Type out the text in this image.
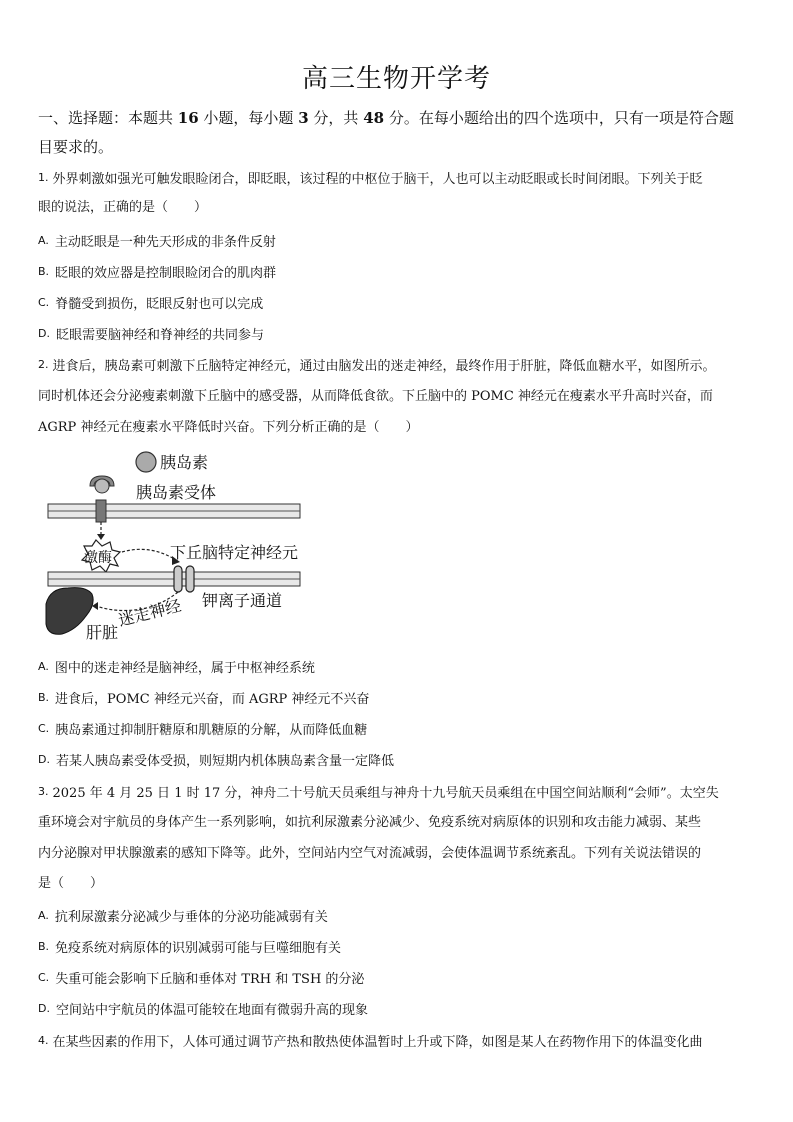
高三生物开学考
一、选择题：本题共 16 小题，每小题 3 分，共 48 分。在每小题给出的四个选项中，只有一项是符合题
目要求的。
1. 外界刺激如强光可触发眼睑闭合，即眨眼，该过程的中枢位于脑干，人也可以主动眨眼或长时间闭眼。下列关于眨
眼的说法，正确的是（　　）
A. 主动眨眼是一种先天形成的非条件反射
B. 眨眼的效应器是控制眼睑闭合的肌肉群
C. 脊髓受到损伤，眨眼反射也可以完成
D. 眨眼需要脑神经和脊神经的共同参与
2. 进食后，胰岛素可刺激下丘脑特定神经元，通过由脑发出的迷走神经，最终作用于肝脏，降低血糖水平，如图所示。
同时机体还会分泌瘦素刺激下丘脑中的感受器，从而降低食欲。下丘脑中的 POMC 神经元在瘦素水平升高时兴奋，而
AGRP 神经元在瘦素水平降低时兴奋。下列分析正确的是（　　）
胰岛素
胰岛素受体
激酶	下丘脑特定神经元
钾离子通道
迷走神经
肝脏
A. 图中的迷走神经是脑神经，属于中枢神经系统
B. 进食后，POMC 神经元兴奋，而 AGRP 神经元不兴奋
C. 胰岛素通过抑制肝糖原和肌糖原的分解，从而降低血糖
D. 若某人胰岛素受体受损，则短期内机体胰岛素含量一定降低
3. 2025 年 4 月 25 日 1 时 17 分，神舟二十号航天员乘组与神舟十九号航天员乘组在中国空间站顺利“会师”。太空失
重环境会对宇航员的身体产生一系列影响，如抗利尿激素分泌减少、免疫系统对病原体的识别和攻击能力减弱、某些
内分泌腺对甲状腺激素的感知下降等。此外，空间站内空气对流减弱，会使体温调节系统紊乱。下列有关说法错误的
是（　　）
A. 抗利尿激素分泌减少与垂体的分泌功能减弱有关
B. 免疫系统对病原体的识别减弱可能与巨噬细胞有关
C. 失重可能会影响下丘脑和垂体对 TRH 和 TSH 的分泌
D. 空间站中宇航员的体温可能较在地面有微弱升高的现象
4. 在某些因素的作用下，人体可通过调节产热和散热使体温暂时上升或下降，如图是某人在药物作用下的体温变化曲
